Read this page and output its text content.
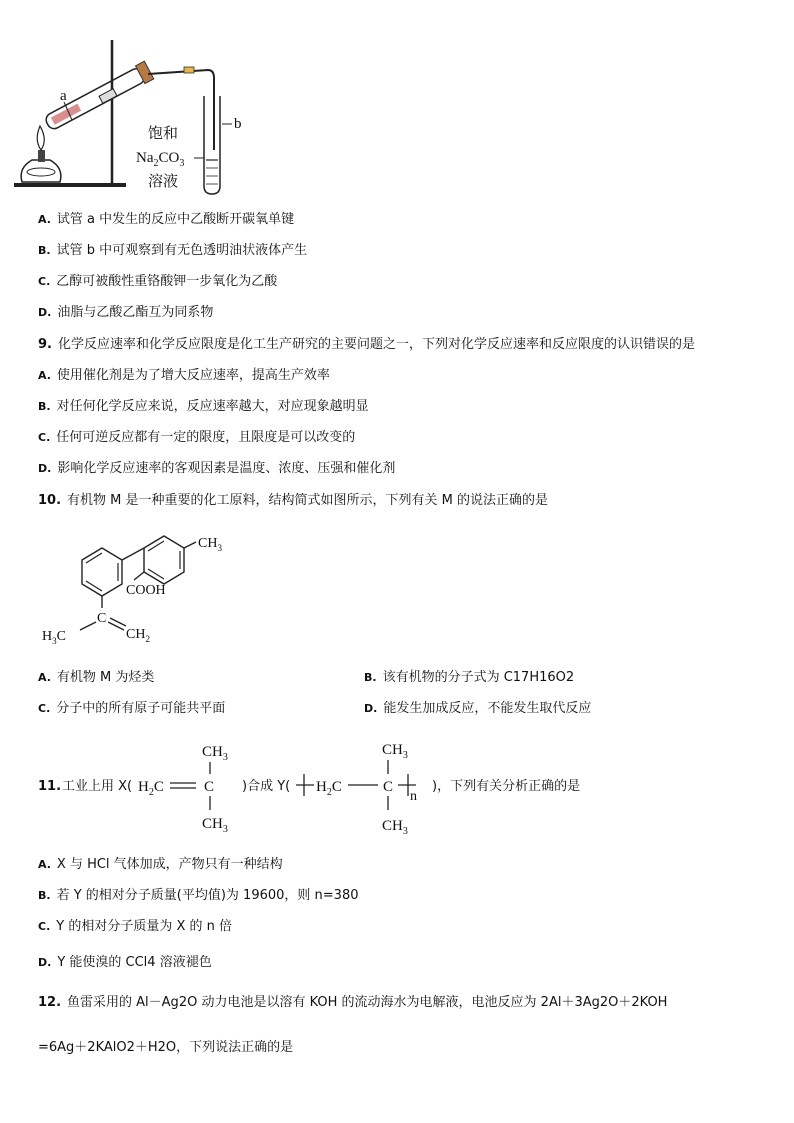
a
b
饱和
$Na_2CO_3$
溶液
A. 试管 a 中发生的反应中乙酸断开碳氧单键
B. 试管 b 中可观察到有无色透明油状液体产生
C. 乙醇可被酸性重铬酸钾一步氧化为乙酸
D. 油脂与乙酸乙酯互为同系物
9. 化学反应速率和化学反应限度是化工生产研究的主要问题之一，下列对化学反应速率和反应限度的认识错误的是
A. 使用催化剂是为了增大反应速率，提高生产效率
B. 对任何化学反应来说，反应速率越大，对应现象越明显
C. 任何可逆反应都有一定的限度，且限度是可以改变的
D. 影响化学反应速率的客观因素是温度、浓度、压强和催化剂
10. 有机物 M 是一种重要的化工原料，结构简式如图所示，下列有关 M 的说法正确的是
$CH_3$
COOH
C
$H_3C$	$CH_2$
A. 有机物 M 为烃类	B. 该有机物的分子式为 C17H16O2
C. 分子中的所有原子可能共平面	D. 能发生加成反应，不能发生取代反应
11. 工业上用 X(	)合成 Y(	)，下列有关分析正确的是
$CH_3$
$H_2C$	C
$CH_3$
$H_2C$
$CH_3$
C
$CH_3$
n
A. X 与 HCl 气体加成，产物只有一种结构
B. 若 Y 的相对分子质量(平均值)为 19600，则 n=380
C. Y 的相对分子质量为 X 的 n 倍
D. Y 能使溴的 CCl4 溶液褪色
12. 鱼雷采用的 Al－Ag2O 动力电池是以溶有 KOH 的流动海水为电解液，电池反应为 2Al＋3Ag2O＋2KOH
=6Ag＋2KAlO2＋H2O，下列说法正确的是
